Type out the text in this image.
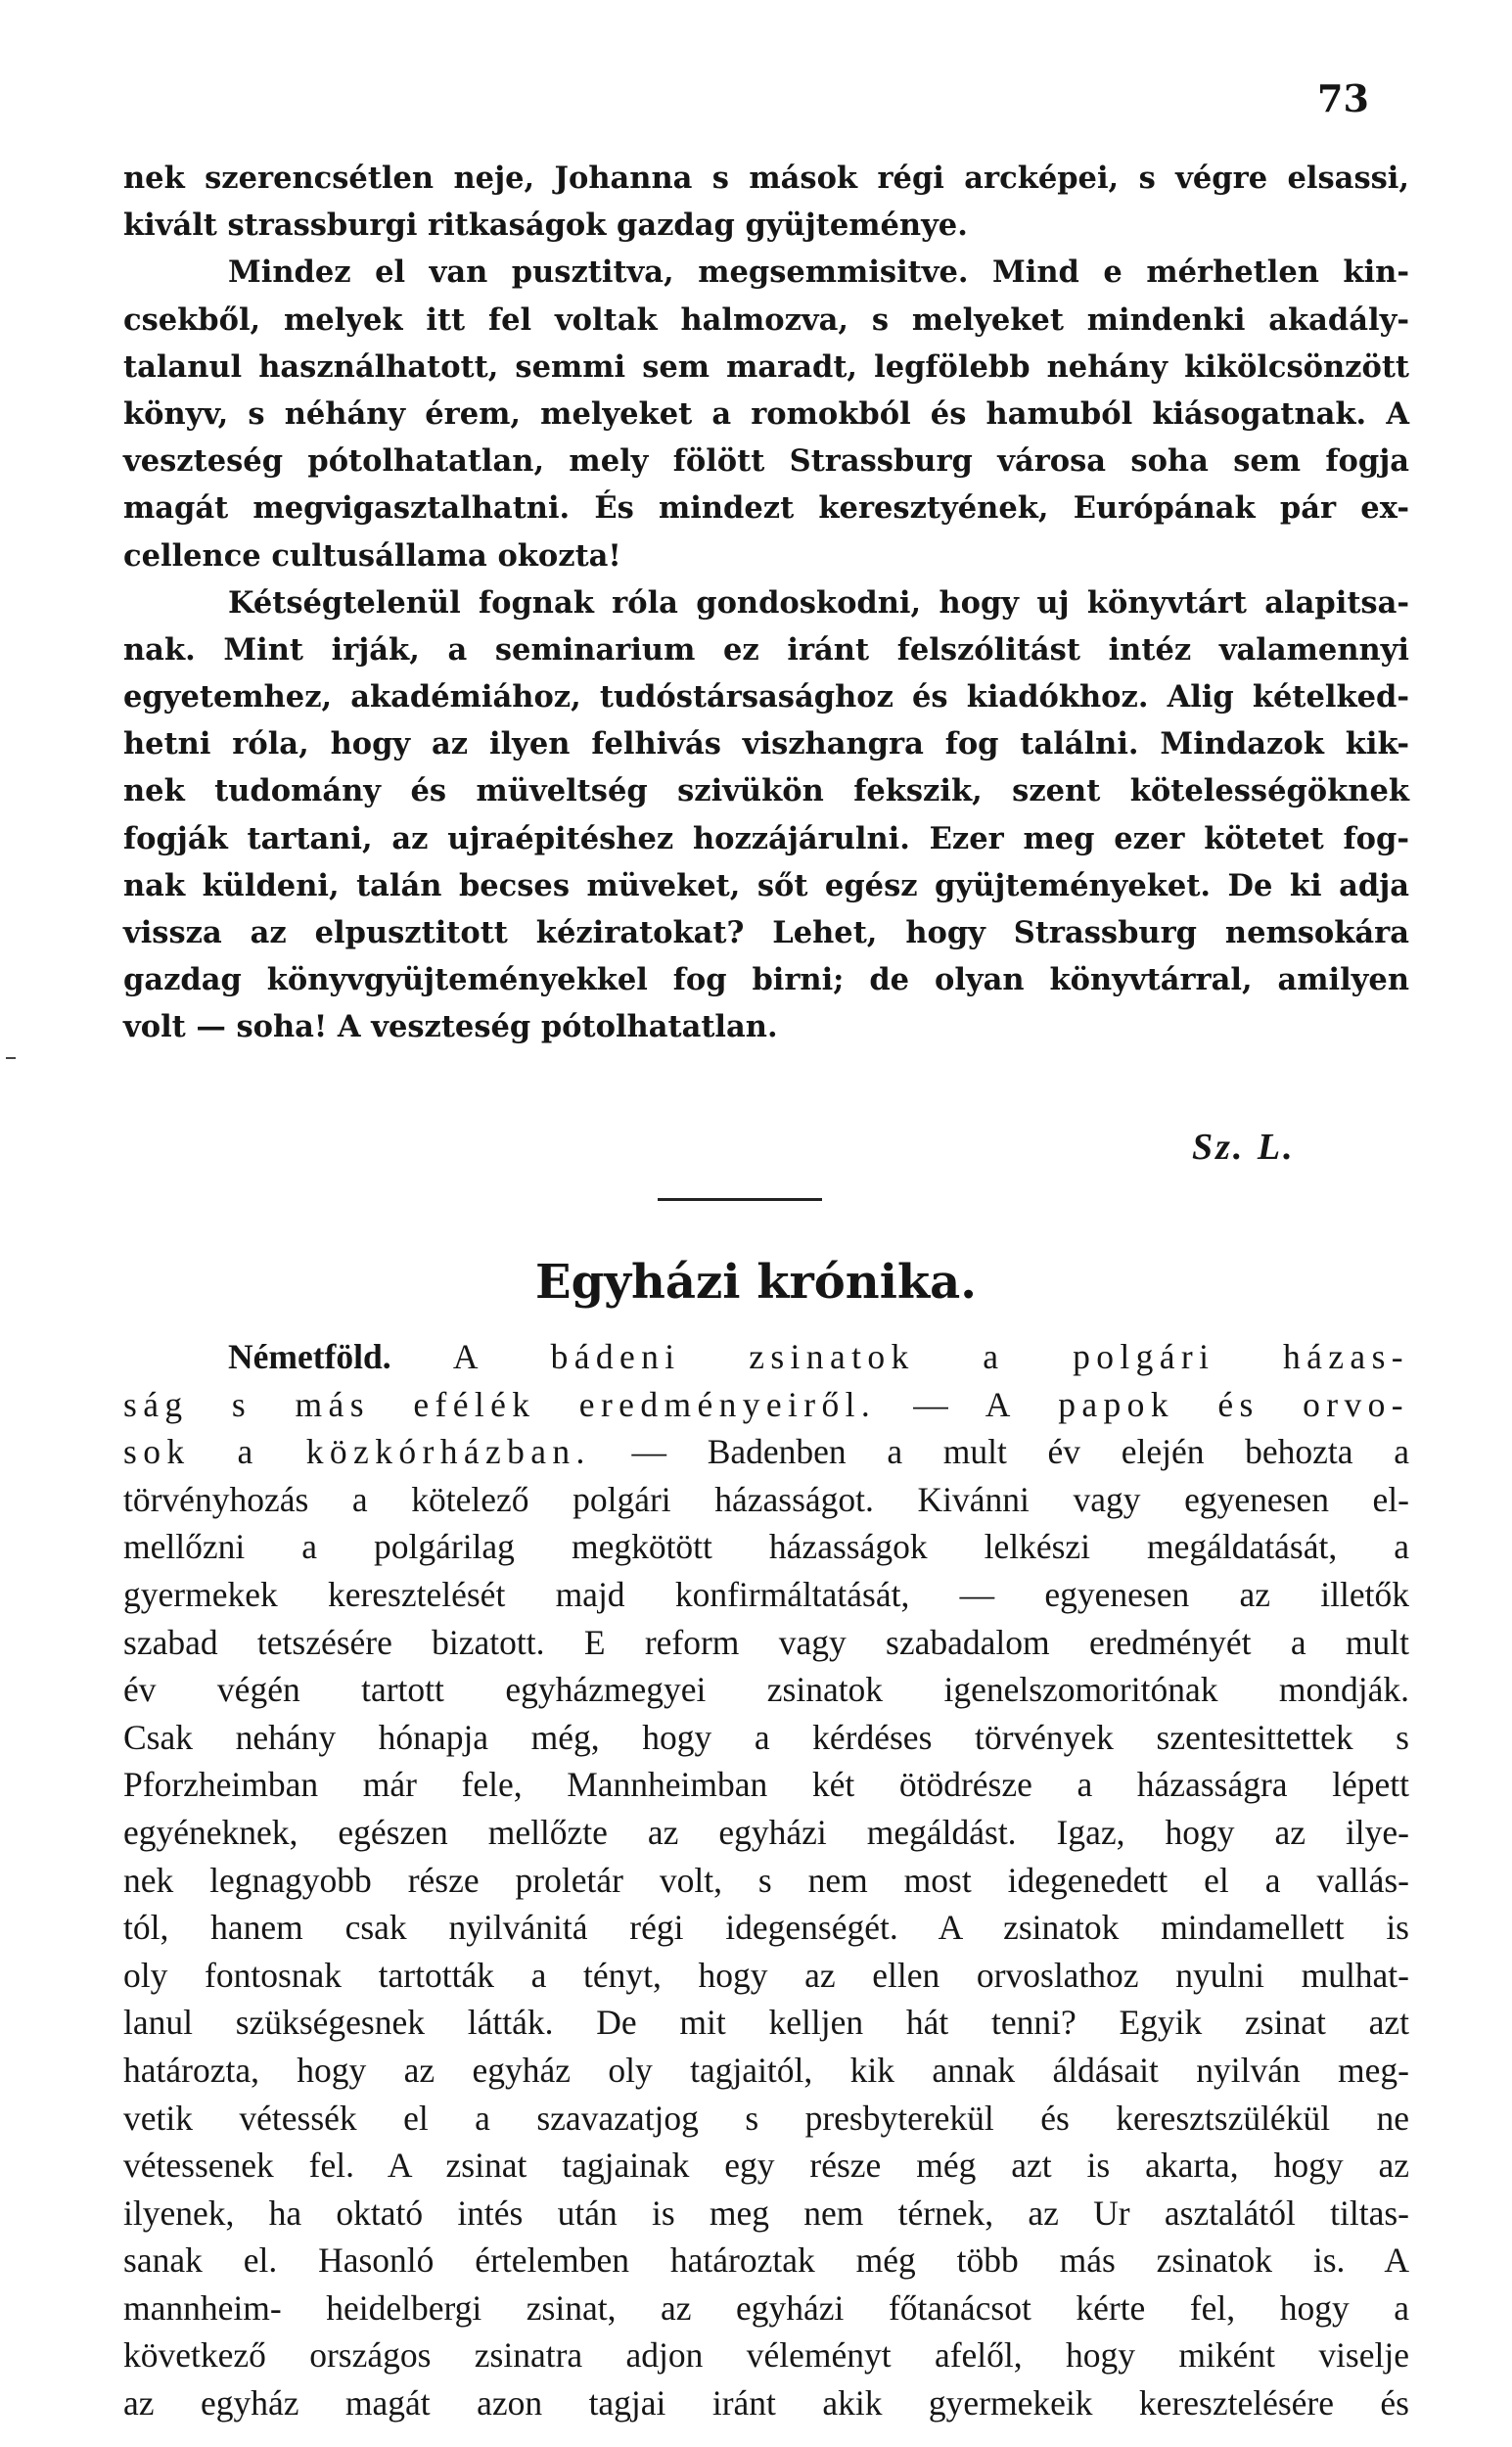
73
nek szerencsétlen neje, Johanna s mások régi arcképei, s végre elsassi,
kivált strassburgi ritkaságok gazdag gyüjteménye.
Mindez el van pusztitva, megsemmisitve. Mind e mérhetlen kin-
csekből, melyek itt fel voltak halmozva, s melyeket mindenki akadály-
talanul használhatott, semmi sem maradt, legfölebb nehány kikölcsönzött
könyv, s néhány érem, melyeket a romokból és hamuból kiásogatnak. A
veszteség pótolhatatlan, mely fölött Strassburg városa soha sem fogja
magát megvigasztalhatni. És mindezt keresztyének, Európának pár ex-
cellence cultusállama okozta!
Kétségtelenül fognak róla gondoskodni, hogy uj könyvtárt alapitsa-
nak. Mint irják, a seminarium ez iránt felszólitást intéz valamennyi
egyetemhez, akadémiához, tudóstársasághoz és kiadókhoz. Alig kételked-
hetni róla, hogy az ilyen felhivás viszhangra fog találni. Mindazok kik-
nek tudomány és müveltség szivükön fekszik, szent kötelességöknek
fogják tartani, az ujraépitéshez hozzájárulni. Ezer meg ezer kötetet fog-
nak küldeni, talán becses müveket, sőt egész gyüjteményeket. De ki adja
vissza az elpusztitott kéziratokat? Lehet, hogy Strassburg nemsokára
gazdag könyvgyüjteményekkel fog birni; de olyan könyvtárral, amilyen
volt — soha! A veszteség pótolhatatlan.
Sz. L.
Egyházi krónika.
Németföld. A bádeni zsinatok a polgári házas-
ság s más efélék eredményeiről. — A papok és orvo-
sok a közkórházban. — Badenben a mult év elején behozta a
törvényhozás a kötelező polgári házasságot. Kivánni vagy egyenesen el-
mellőzni a polgárilag megkötött házasságok lelkészi megáldatását, a
gyermekek keresztelését majd konfirmáltatását, — egyenesen az illetők
szabad tetszésére bizatott. E reform vagy szabadalom eredményét a mult
év végén tartott egyházmegyei zsinatok igenelszomoritónak mondják.
Csak nehány hónapja még, hogy a kérdéses törvények szentesittettek s
Pforzheimban már fele, Mannheimban két ötödrésze a házasságra lépett
egyéneknek, egészen mellőzte az egyházi megáldást. Igaz, hogy az ilye-
nek legnagyobb része proletár volt, s nem most idegenedett el a vallás-
tól, hanem csak nyilvánitá régi idegenségét. A zsinatok mindamellett is
oly fontosnak tartották a tényt, hogy az ellen orvoslathoz nyulni mulhat-
lanul szükségesnek látták. De mit kelljen hát tenni? Egyik zsinat azt
határozta, hogy az egyház oly tagjaitól, kik annak áldásait nyilván meg-
vetik vétessék el a szavazatjog s presbyterekül és keresztszülékül ne
vétessenek fel. A zsinat tagjainak egy része még azt is akarta, hogy az
ilyenek, ha oktató intés után is meg nem térnek, az Ur asztalától tiltas-
sanak el. Hasonló értelemben határoztak még több más zsinatok is. A
mannheim- heidelbergi zsinat, az egyházi főtanácsot kérte fel, hogy a
következő országos zsinatra adjon véleményt afelől, hogy miként viselje
az egyház magát azon tagjai iránt akik gyermekeik keresztelésére és
